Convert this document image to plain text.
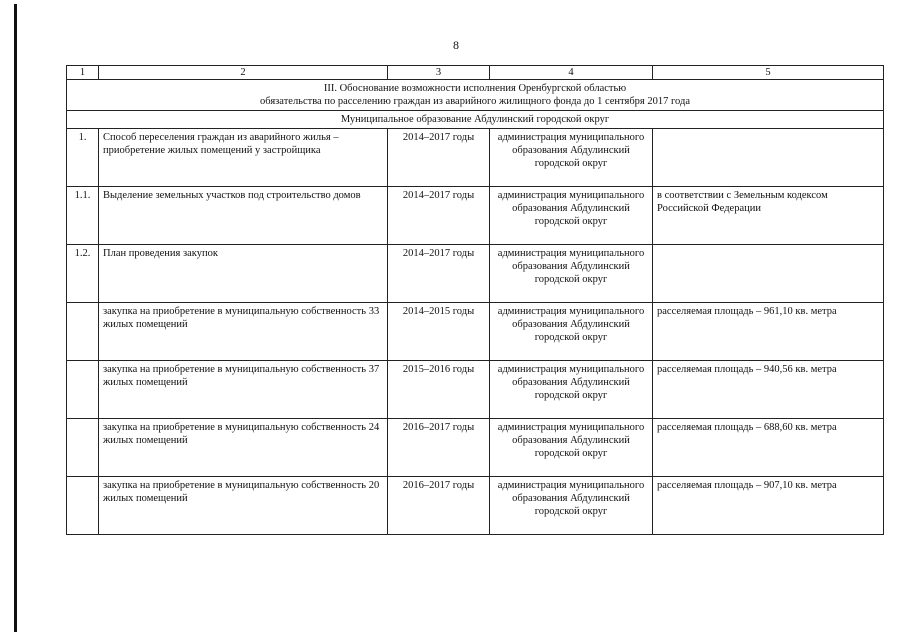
8
1	2	3	4	5

III. Обоснование возможности исполнения Оренбургской областью
обязательства по расселению граждан из аварийного жилищного фонда до 1 сентября 2017 года				

Муниципальное образование Абдулинский городской округ				
1.	Способ переселения граждан из аварийного жилья – приобретение жилых помещений у застройщика	2014–2017 годы	администрация муниципального образования Абдулинский городской округ	
1.1.	Выделение земельных участков под строительство домов	2014–2017 годы	администрация муниципального образования Абдулинский городской округ	в соответствии с Земельным кодексом Российской Федерации
1.2.	План проведения закупок	2014–2017 годы	администрация муниципального образования Абдулинский городской округ	
	закупка на приобретение в муниципальную собственность 33 жилых помещений	2014–2015 годы	администрация муниципального образования Абдулинский городской округ	расселяемая площадь – 961,10 кв. метра
	закупка на приобретение в муниципальную собственность 37 жилых помещений	2015–2016 годы	администрация муниципального образования Абдулинский городской округ	расселяемая площадь – 940,56 кв. метра
	закупка на приобретение в муниципальную собственность 24 жилых помещений	2016–2017 годы	администрация муниципального образования Абдулинский городской округ	расселяемая площадь – 688,60 кв. метра
	закупка на приобретение в муниципальную собственность 20 жилых помещений	2016–2017 годы	администрация муниципального образования Абдулинский городской округ	расселяемая площадь – 907,10 кв. метра
